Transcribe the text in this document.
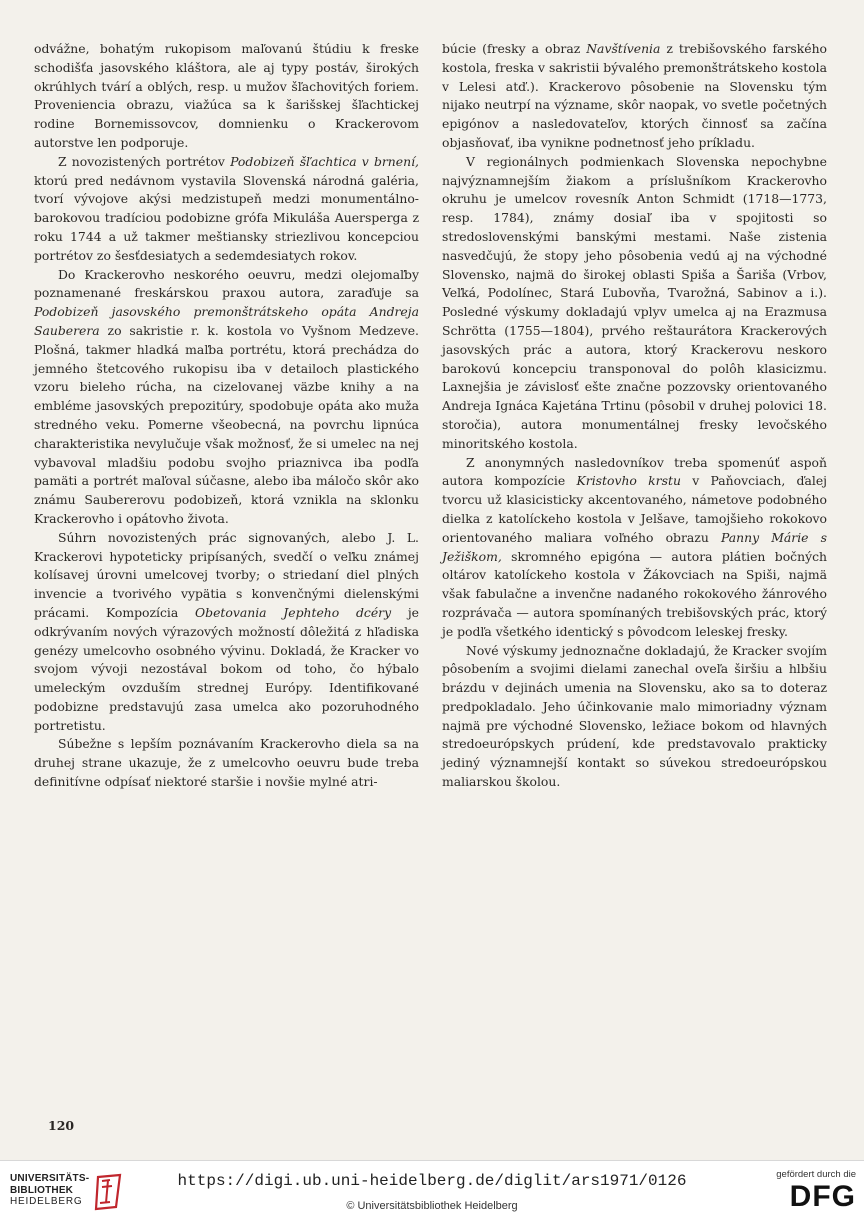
odvážne, bohatým rukopisom maľovanú štúdiu k freske schodišťa jasovského kláštora, ale aj typy postáv, širokých okrúhlych tvárí a oblých, resp. u mužov šľachovitých foriem. Proveniencia obrazu, viažúca sa k šarišskej šľachtickej rodine Bornemissovcov, domnienku o Krackerovom autorstve len podporuje.

Z novozistených portrétov Podobizeň šľachtica v brnení, ktorú pred nedávnom vystavila Slovenská národná galéria, tvorí vývojove akýsi medzistupeň medzi monumentálno-barokovou tradíciou podobizne grófa Mikuláša Auersperga z roku 1744 a už takmer meštiansky striezlivou koncepciou portrétov zo šesťdesiatych a sedemdesiatych rokov.

Do Krackerovho neskorého oeuvru, medzi olejomaľby poznamenané freskárskou praxou autora, zaraďuje sa Podobizeň jasovského premonštrátskeho opáta Andreja Sauberera zo sakristie r. k. kostola vo Vyšnom Medzeve. Plošná, takmer hladká maľba portrétu, ktorá prechádza do jemného štetcového rukopisu iba v detailoch plastického vzoru bieleho rúcha, na cizelovanej väzbe knihy a na embléme jasovských prepozitúry, spodobuje opáta ako muža stredného veku. Pomerne všeobecná, na povrchu lipnúca charakteristika nevylučuje však možnosť, že si umelec na nej vybavoval mladšiu podobu svojho priaznivca iba podľa pamäti a portrét maľoval súčasne, alebo iba máločo skôr ako známu Saubererovu podobizeň, ktorá vznikla na sklonku Krackerovho i opátovho života.

Súhrn novozistených prác signovaných, alebo J. L. Krackerovi hypoteticky pripísaných, svedčí o veľku známej kolísavej úrovni umelcovej tvorby; o striedaní diel plných invencie a tvorivého vypätia s konvenčnými dielenskými prácami. Kompozícia Obetovania Jephteho dcéry je odkrývaním nových výrazových možností dôležitá z hľadiska genézy umelcovho osobného vývinu. Dokladá, že Kracker vo svojom vývoji nezostával bokom od toho, čo hýbalo umeleckým ovzduším strednej Európy. Identifikované podobizne predstavujú zasa umelca ako pozoruhodného portretistu.

Súbežne s lepším poznávaním Krackerovho diela sa na druhej strane ukazuje, že z umelcovho oeuvru bude treba definitívne odpísať niektoré staršie i novšie mylné atri-

búcie (fresky a obraz Navštívenia z trebišovského farského kostola, freska v sakristii bývalého premonštrátskeho kostola v Lelesi atď.). Krackerovo pôsobenie na Slovensku tým nijako neutrpí na význame, skôr naopak, vo svetle početných epigónov a nasledovateľov, ktorých činnosť sa začína objasňovať, iba vynikne podnetnosť jeho príkladu.

V regionálnych podmienkach Slovenska nepochybne najvýznamnejším žiakom a príslušníkom Krackerovho okruhu je umelcov rovesník Anton Schmidt (1718—1773, resp. 1784), známy dosiaľ iba v spojitosti so stredoslovenskými banskými mestami. Naše zistenia nasvedčujú, že stopy jeho pôsobenia vedú aj na východné Slovensko, najmä do širokej oblasti Spiša a Šariša (Vrbov, Veľká, Podolínec, Stará Ľubovňa, Tvarožná, Sabinov a i.). Posledné výskumy dokladajú vplyv umelca aj na Erazmusa Schrötta (1755—1804), prvého reštaurátora Krackerových jasovských prác a autora, ktorý Krackerovu neskoro barokovú koncepciu transponoval do polôh klasicizmu. Laxnejšia je závislosť ešte značne pozzovsky orientovaného Andreja Ignáca Kajetána Trtinu (pôsobil v druhej polovici 18. storočia), autora monumentálnej fresky levočského minoritského kostola.

Z anonymných nasledovníkov treba spomenúť aspoň autora kompozície Kristovho krstu v Paňovciach, ďalej tvorcu už klasicisticky akcentovaného, námetove podobného dielka z katolíckeho kostola v Jelšave, tamojšieho rokokovo orientovaného maliara voľného obrazu Panny Márie s Ježiškom, skromného epigóna — autora plátien bočných oltárov katolíckeho kostola v Žákovciach na Spiši, najmä však fabulačne a invenčne nadaného rokokového žánrového rozprávača — autora spomínaných trebišovských prác, ktorý je podľa všetkého identický s pôvodcom leleskej fresky.

Nové výskumy jednoznačne dokladajú, že Kracker svojím pôsobením a svojimi dielami zanechal oveľa širšiu a hlbšiu brázdu v dejinách umenia na Slovensku, ako sa to doteraz predpokladalo. Jeho účinkovanie malo mimoriadny význam najmä pre východné Slovensko, ležiace bokom od hlavných stredoeurópskych prúdení, kde predstavovalo prakticky jediný významnejší kontakt so súvekou stredoeurópskou maliarskou školou.

120
UNIVERSITÄTS-
BIBLIOTHEK
HEIDELBERG
https://digi.ub.uni-heidelberg.de/diglit/ars1971/0126
© Universitätsbibliothek Heidelberg
gefördert durch die
DFG
